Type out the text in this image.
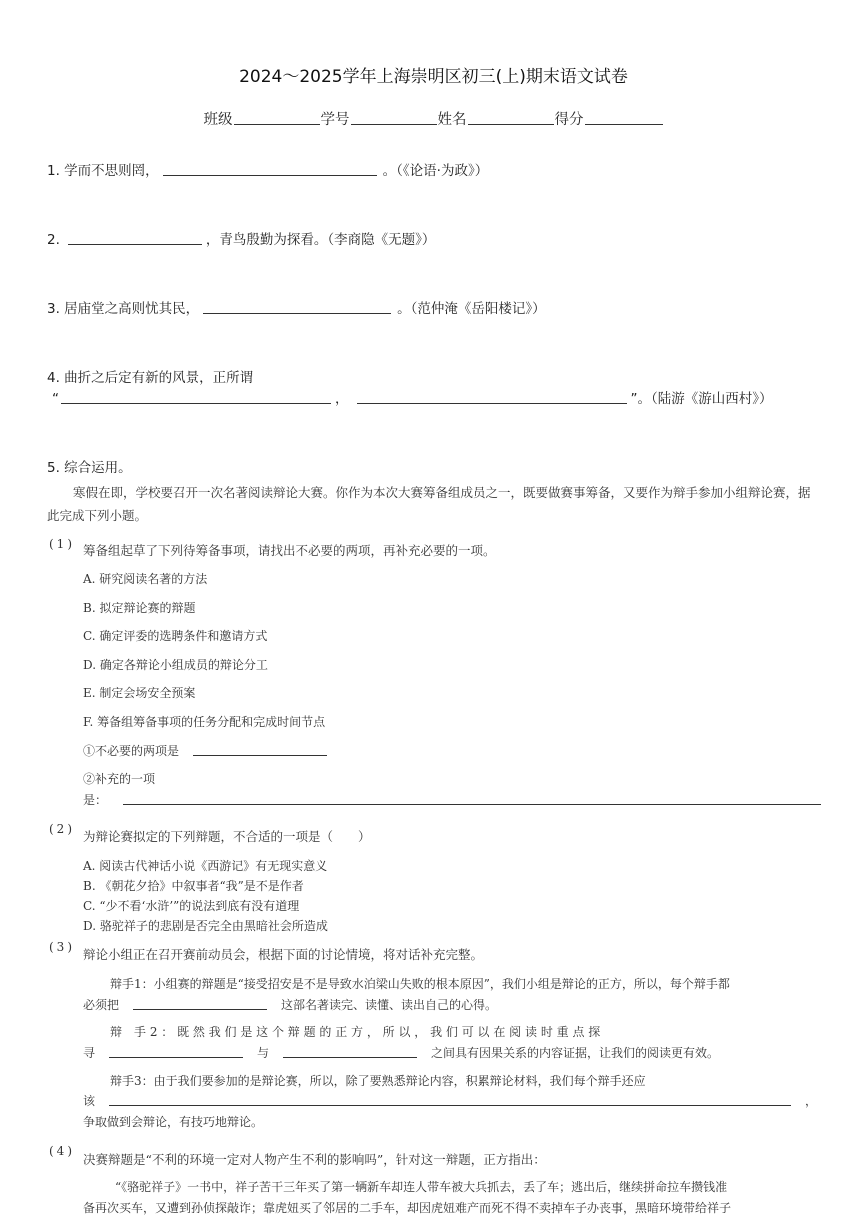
2024～2025学年上海崇明区初三(上)期末语文试卷
班级	学号	姓名	得分
1. 学而不思则罔，	。（《论语·为政》）
2.	，青鸟殷勤为探看。（李商隐《无题》）
3. 居庙堂之高则忧其民，	。（范仲淹《岳阳楼记》）
4. 曲折之后定有新的风景，正所谓
“	，	”。（陆游《游山西村》）
5. 综合运用。
寒假在即，学校要召开一次名著阅读辩论大赛。你作为本次大赛筹备组成员之一，既要做赛事筹备，又要作为辩手参加小组辩论赛，据此完成下列小题。
(1) 筹备组起草了下列待筹备事项，请找出不必要的两项，再补充必要的一项。
A. 研究阅读名著的方法
B. 拟定辩论赛的辩题
C. 确定评委的选聘条件和邀请方式
D. 确定各辩论小组成员的辩论分工
E. 制定会场安全预案
F. 筹备组筹备事项的任务分配和完成时间节点
①不必要的两项是
②补充的一项
是：
(2) 为辩论赛拟定的下列辩题，不合适的一项是（　　）
A. 阅读古代神话小说《西游记》有无现实意义
B. 《朝花夕拾》中叙事者“我”是不是作者
C. “少不看‘水浒’”的说法到底有没有道理
D. 骆驼祥子的悲剧是否完全由黑暗社会所造成
(3) 辩论小组正在召开赛前动员会，根据下面的讨论情境，将对话补充完整。
辩手1：小组赛的辩题是“接受招安是不是导致水泊梁山失败的根本原因”，我们小组是辩论的正方，所以，每个辩手都
必须把	这部名著读完、读懂、读出自己的心得。
辩　手 2 ： 既 然 我 们 是 这 个 辩 题 的 正 方 ， 所 以 ， 我 们 可 以 在 阅 读 时 重 点 探
寻	与	之间具有因果关系的内容证据，让我们的阅读更有效。
辩手3：由于我们要参加的是辩论赛，所以，除了要熟悉辩论内容，积累辩论材料，我们每个辩手还应
该	，
争取做到会辩论，有技巧地辩论。
(4)
决赛辩题是“不利的环境一定对人物产生不利的影响吗”，针对这一辩题，正方指出：
“《骆驼祥子》一书中，祥子苦干三年买了第一辆新车却连人带车被大兵抓去，丢了车；逃出后，继续拼命拉车攒钱准
备再次买车，又遭到孙侦探敲诈；靠虎妞买了邻居的二手车，却因虎妞难产而死不得不卖掉车子办丧事，黑暗环境带给祥子
